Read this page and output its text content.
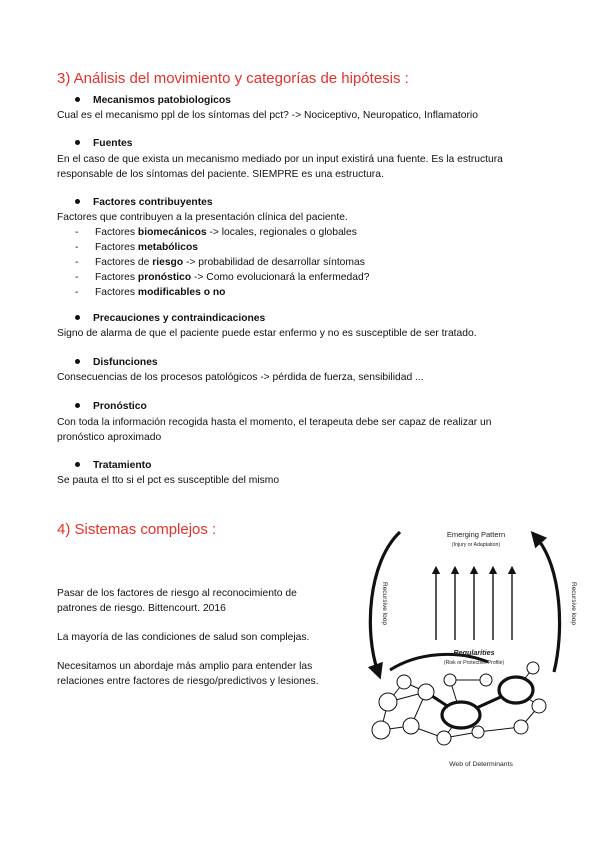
3) Análisis del movimiento y categorías de hipótesis :
Mecanismos patobiologicos
Cual es el mecanismo ppl de los síntomas del pct? -> Nociceptivo, Neuropatico, Inflamatorio
Fuentes
En el caso de que exista un mecanismo mediado por un input existirá una fuente. Es la estructura
responsable de los síntomas del paciente. SIEMPRE es una estructura.
Factores contribuyentes
Factores que contribuyen a la presentación clínica del paciente.
- Factores biomecánicos -> locales, regionales o globales
- Factores metabólicos
- Factores de riesgo -> probabilidad de desarrollar síntomas
- Factores pronóstico -> Como evolucionará la enfermedad?
- Factores modificables o no
Precauciones y contraindicaciones
Signo de alarma de que el paciente puede estar enfermo y no es susceptible de ser tratado.
Disfunciones
Consecuencias de los procesos patológicos -> pérdida de fuerza, sensibilidad ...
Pronóstico
Con toda la información recogida hasta el momento, el terapeuta debe ser capaz de realizar un
pronóstico aproximado
Tratamiento
Se pauta el tto si el pct es susceptible del mismo
4) Sistemas complejos :
Pasar de los factores de riesgo al reconocimiento de
patrones de riesgo. Bittencourt. 2016
La mayoría de las condiciones de salud son complejas.
Necesitamos un abordaje más amplio para entender las
relaciones entre factores de riesgo/predictivos y lesiones.
Emerging Pattern
(Injury or Adaptation)
Recursive loop	Recursive loop
Regularities
(Risk or Protective Profile)
Web of Determinants
